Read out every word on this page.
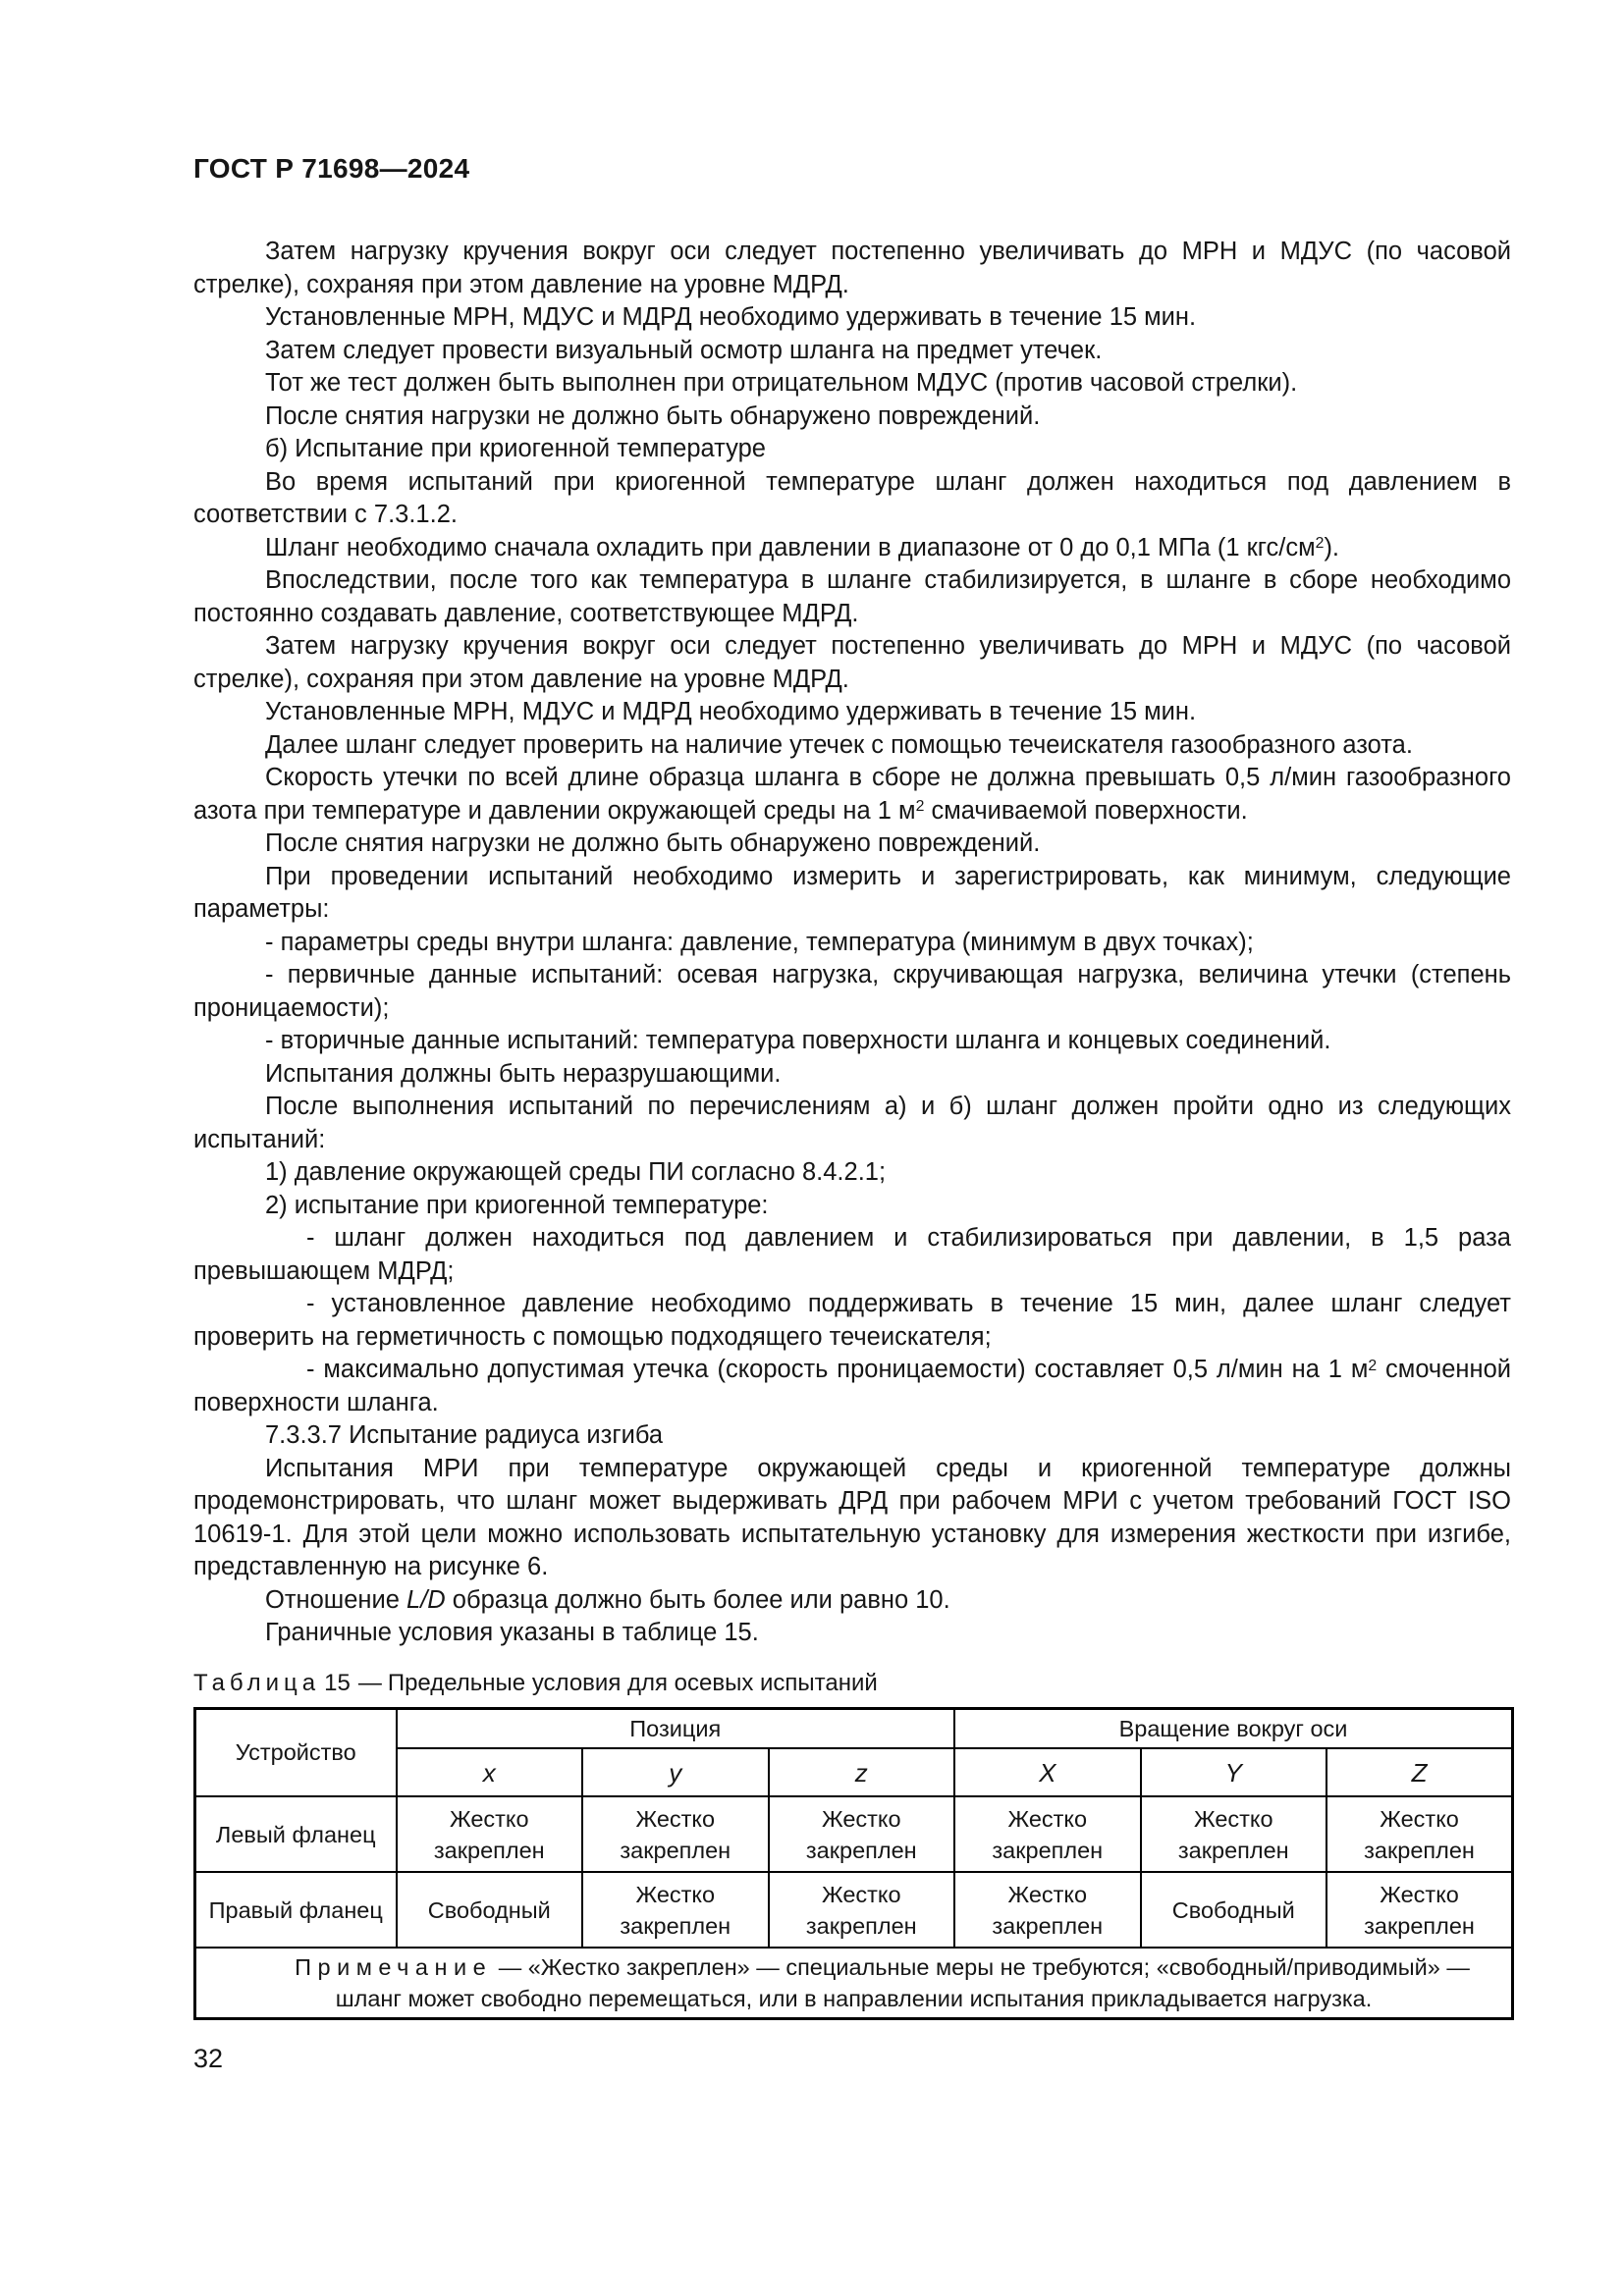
ГОСТ Р 71698—2024

Затем нагрузку кручения вокруг оси следует постепенно увеличивать до МРН и МДУС (по часовой стрелке), сохраняя при этом давление на уровне МДРД.

Установленные МРН, МДУС и МДРД необходимо удерживать в течение 15 мин.

Затем следует провести визуальный осмотр шланга на предмет утечек.

Тот же тест должен быть выполнен при отрицательном МДУС (против часовой стрелки).

После снятия нагрузки не должно быть обнаружено повреждений.

б) Испытание при криогенной температуре

Во время испытаний при криогенной температуре шланг должен находиться под давлением в соответствии с 7.3.1.2.

Шланг необходимо сначала охладить при давлении в диапазоне от 0 до 0,1 МПа (1 кгс/$см^2$).

Впоследствии, после того как температура в шланге стабилизируется, в шланге в сборе необходимо постоянно создавать давление, соответствующее МДРД.

Затем нагрузку кручения вокруг оси следует постепенно увеличивать до МРН и МДУС (по часовой стрелке), сохраняя при этом давление на уровне МДРД.

Установленные МРН, МДУС и МДРД необходимо удерживать в течение 15 мин.

Далее шланг следует проверить на наличие утечек с помощью течеискателя газообразного азота.

Скорость утечки по всей длине образца шланга в сборе не должна превышать 0,5 л/мин газообразного азота при температуре и давлении окружающей среды на 1 $м^2$ смачиваемой поверхности.

После снятия нагрузки не должно быть обнаружено повреждений.

При проведении испытаний необходимо измерить и зарегистрировать, как минимум, следующие параметры:

- параметры среды внутри шланга: давление, температура (минимум в двух точках);

- первичные данные испытаний: осевая нагрузка, скручивающая нагрузка, величина утечки (степень проницаемости);

- вторичные данные испытаний: температура поверхности шланга и концевых соединений.

Испытания должны быть неразрушающими.

После выполнения испытаний по перечислениям а) и б) шланг должен пройти одно из следующих испытаний:

1) давление окружающей среды ПИ согласно 8.4.2.1;

2) испытание при криогенной температуре:

- шланг должен находиться под давлением и стабилизироваться при давлении, в 1,5 раза превышающем МДРД;

- установленное давление необходимо поддерживать в течение 15 мин, далее шланг следует проверить на герметичность с помощью подходящего течеискателя;

- максимально допустимая утечка (скорость проницаемости) составляет 0,5 л/мин на 1 $м^2$ смоченной поверхности шланга.

7.3.3.7 Испытание радиуса изгиба

Испытания МРИ при температуре окружающей среды и криогенной температуре должны продемонстрировать, что шланг может выдерживать ДРД при рабочем МРИ с учетом требований ГОСТ ISO 10619-1. Для этой цели можно использовать испытательную установку для измерения жесткости при изгибе, представленную на рисунке 6.

Отношение L/D образца должно быть более или равно 10.

Граничные условия указаны в таблице 15.

Таблица 15 — Предельные условия для осевых испытаний
Устройство	Позиция			Вращение вокруг оси		
	x	y	z	X	Y	Z
Левый фланец	Жестко закреплен	Жестко закреплен	Жестко закреплен	Жестко закреплен	Жестко закреплен	Жестко закреплен
Правый фланец	Свободный	Жестко закреплен	Жестко закреплен	Жестко закреплен	Свободный	Жестко закреплен
Примечание — «Жестко закреплен» — специальные меры не требуются; «свободный/приводимый» — шланг может свободно перемещаться, или в направлении испытания прикладывается нагрузка.						
32
